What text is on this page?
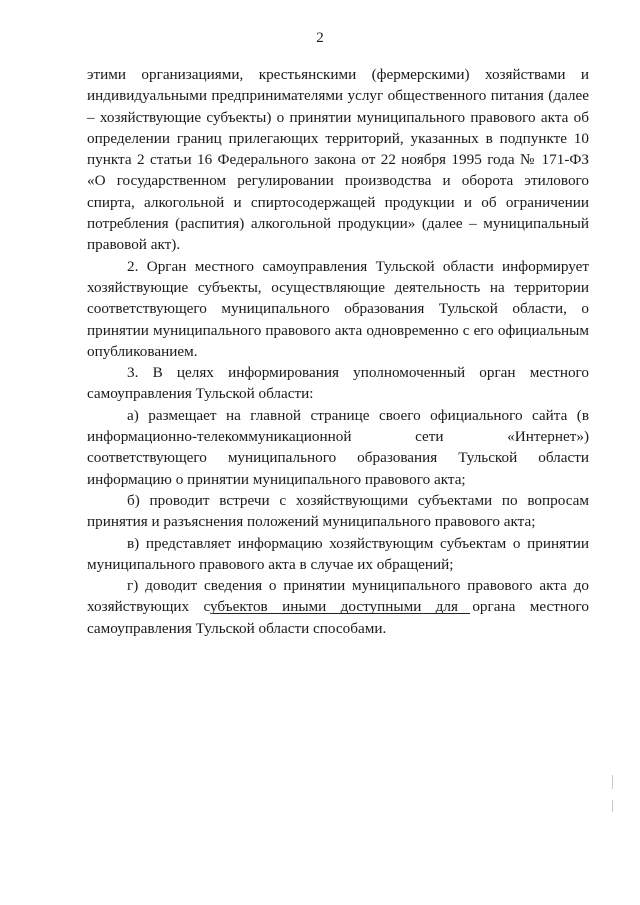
2

этими организациями, крестьянскими (фермерскими) хозяйствами и индивидуальными предпринимателями услуг общественного питания (далее – хозяйствующие субъекты) о принятии муниципального правового акта об определении границ прилегающих территорий, указанных в подпункте 10 пункта 2 статьи 16 Федерального закона от 22 ноября 1995 года № 171-ФЗ «О государственном регулировании производства и оборота этилового спирта, алкогольной и спиртосодержащей продукции и об ограничении потребления (распития) алкогольной продукции» (далее – муниципальный правовой акт).

2. Орган местного самоуправления Тульской области информирует хозяйствующие субъекты, осуществляющие деятельность на территории соответствующего муниципального образования Тульской области, о принятии муниципального правового акта одновременно с его официальным опубликованием.

3. В целях информирования уполномоченный орган местного самоуправления Тульской области:

а) размещает на главной странице своего официального сайта (в информационно-телекоммуникационной сети «Интернет») соответствующего муниципального образования Тульской области информацию о принятии муниципального правового акта;

б) проводит встречи с хозяйствующими субъектами по вопросам принятия и разъяснения положений муниципального правового акта;

в) представляет информацию хозяйствующим субъектам о принятии муниципального правового акта в случае их обращений;

г) доводит сведения о принятии муниципального правового акта до хозяйствующих субъектов иными доступными для органа местного самоуправления Тульской области способами.
